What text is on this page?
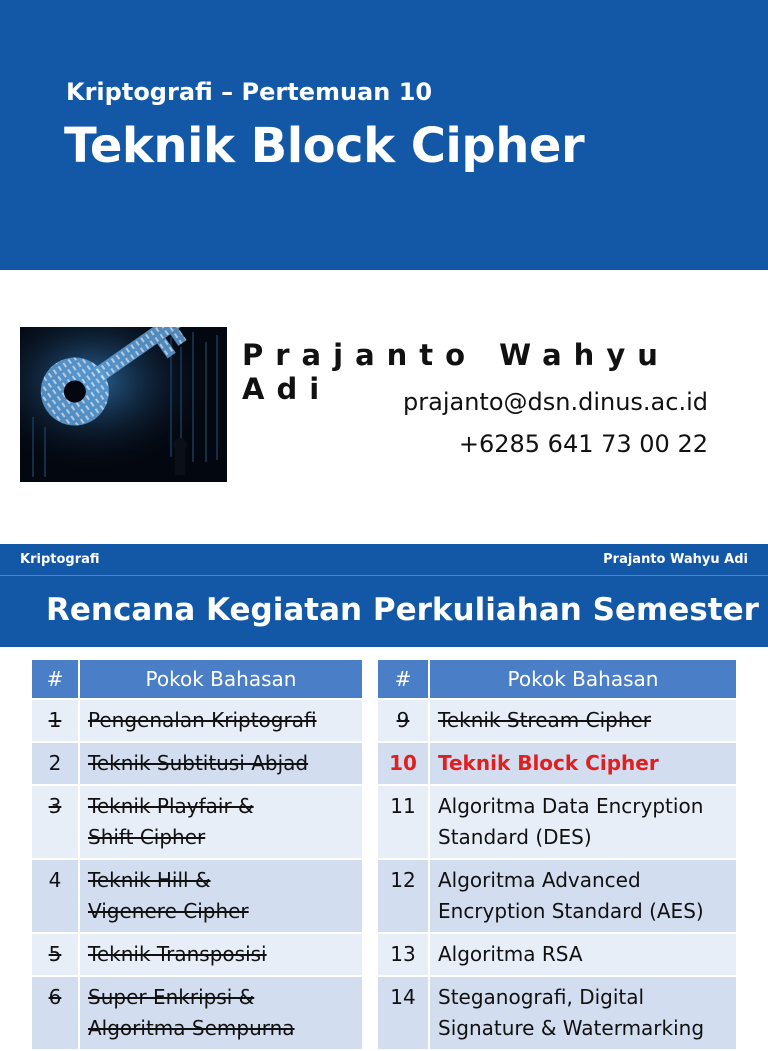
Kriptografi – Pertemuan 10
Teknik Block Cipher
Prajanto Wahyu Adi	prajanto@dsn.dinus.ac.id
+6285 641 73 00 22
Kriptografi	Prajanto Wahyu Adi
Rencana Kegiatan Perkuliahan Semester
#	Pokok Bahasan
1	Pengenalan Kriptografi
2	Teknik Subtitusi Abjad
3	Teknik Playfair &
Shift Cipher
4	Teknik Hill &
Vigenere Cipher
5	Teknik Transposisi
6	Super Enkripsi &
Algoritma Sempurna
#	Pokok Bahasan
9	Teknik Stream Cipher
10	Teknik Block Cipher
11	Algoritma Data Encryption
Standard (DES)
12	Algoritma Advanced
Encryption Standard (AES)
13	Algoritma RSA
14	Steganografi, Digital
Signature & Watermarking
